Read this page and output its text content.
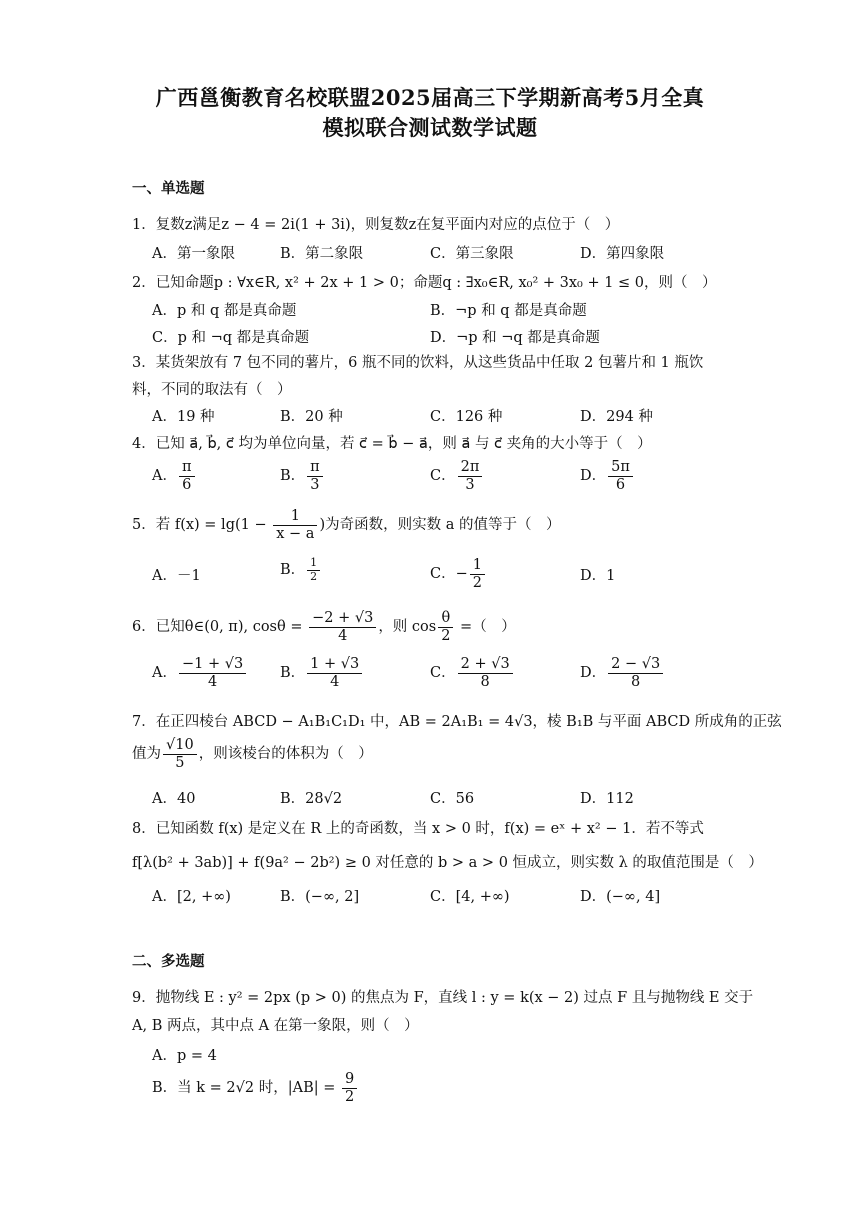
广西邕衡教育名校联盟2025届高三下学期新高考5月全真
模拟联合测试数学试题
一、单选题
1．复数z满足z − 4 = 2i(1 + 3i)，则复数z在复平面内对应的点位于（　）
A．第一象限	B．第二象限	C．第三象限	D．第四象限
2．已知命题p : ∀x∈R, x² + 2x + 1 > 0；命题q : ∃x₀∈R, x₀² + 3x₀ + 1 ≤ 0，则（　）
A．p 和 q 都是真命题	B．¬p 和 q 都是真命题
C．p 和 ¬q 都是真命题	D．¬p 和 ¬q 都是真命题
3．某货架放有 7 包不同的薯片，6 瓶不同的饮料，从这些货品中任取 2 包薯片和 1 瓶饮
料，不同的取法有（　）
A．19 种	B．20 种	C．126 种	D．294 种
4．已知 a⃗, b⃗, c⃗ 均为单位向量，若 c⃗ = b⃗ − a⃗，则 a⃗ 与 c⃗ 夹角的大小等于（　）
A． $\frac{\pi}{6}$	B． $\frac{\pi}{3}$	C． $\frac{2\pi}{3}$	D． $\frac{5\pi}{6}$
5．若 $f(x) = \lg(1 - \frac{1}{x - a}$ )为奇函数，则实数 a 的值等于（　）
A．－1	B． $\frac{1}{2}$	C．− $\frac{1}{2}$	D．1
6．已知θ∈(0, π), $\cos\theta = \frac{-2 + √3}{4}$ ，则 $\cos \frac{\theta}{2}$ =（　）
A． $\frac{-1 + √3}{4}$ B． $\frac{1 + √3}{4}$	C． $\frac{2 + √3}{8}$	D． $\frac{2 - √3}{8}$
7．在正四棱台 ABCD − A₁B₁C₁D₁ 中，AB = 2A₁B₁ = 4√3，棱 B₁B 与平面 ABCD 所成角的正弦
值为 $\frac{√10}{5}$ ，则该棱台的体积为（　）
A．40	B．28√2	C．56	D．112
8．已知函数 f(x) 是定义在 R 上的奇函数，当 x > 0 时，f(x) = eˣ + x² − 1．若不等式
f[λ(b² + 3ab)] + f(9a² − 2b²) ≥ 0 对任意的 b > a > 0 恒成立，则实数 λ 的取值范围是（　）
A．[2, +∞)	B．(−∞, 2]	C．[4, +∞)	D．(−∞, 4]
二、多选题
9．抛物线 E : y² = 2px (p > 0) 的焦点为 F，直线 l : y = k(x − 2) 过点 F 且与抛物线 E 交于
A, B 两点，其中点 A 在第一象限，则（　）
A．p = 4
B．当 k = 2√2 时，$|AB| = \frac{9}{2}$
